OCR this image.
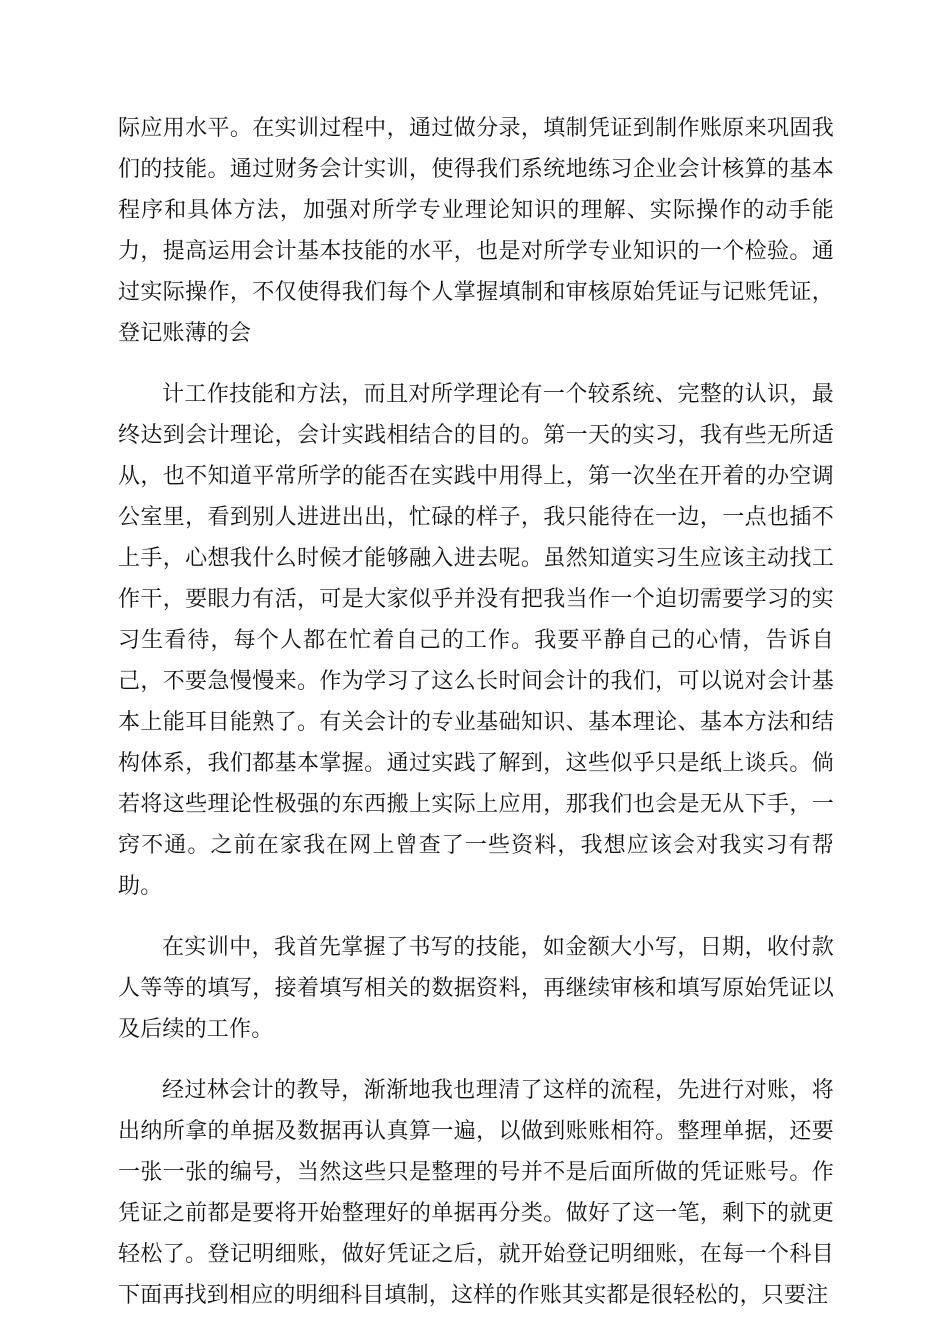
际应用水平。在实训过程中，通过做分录，填制凭证到制作账原来巩固我们的技能。通过财务会计实训，使得我们系统地练习企业会计核算的基本程序和具体方法，加强对所学专业理论知识的理解、实际操作的动手能力，提高运用会计基本技能的水平，也是对所学专业知识的一个检验。通过实际操作，不仅使得我们每个人掌握填制和审核原始凭证与记账凭证，登记账薄的会

计工作技能和方法，而且对所学理论有一个较系统、完整的认识，最终达到会计理论，会计实践相结合的目的。第一天的实习，我有些无所适从，也不知道平常所学的能否在实践中用得上，第一次坐在开着的办空调公室里，看到别人进进出出，忙碌的样子，我只能待在一边，一点也插不上手，心想我什么时候才能够融入进去呢。虽然知道实习生应该主动找工作干，要眼力有活，可是大家似乎并没有把我当作一个迫切需要学习的实习生看待，每个人都在忙着自己的工作。我要平静自己的心情，告诉自己，不要急慢慢来。作为学习了这么长时间会计的我们，可以说对会计基本上能耳目能熟了。有关会计的专业基础知识、基本理论、基本方法和结构体系，我们都基本掌握。通过实践了解到，这些似乎只是纸上谈兵。倘若将这些理论性极强的东西搬上实际上应用，那我们也会是无从下手，一窍不通。之前在家我在网上曾查了一些资料，我想应该会对我实习有帮助。

在实训中，我首先掌握了书写的技能，如金额大小写，日期，收付款人等等的填写，接着填写相关的数据资料，再继续审核和填写原始凭证以及后续的工作。

经过林会计的教导，渐渐地我也理清了这样的流程，先进行对账，将出纳所拿的单据及数据再认真算一遍，以做到账账相符。整理单据，还要一张一张的编号，当然这些只是整理的号并不是后面所做的凭证账号。作凭证之前都是要将开始整理好的单据再分类。做好了这一笔，剩下的就更轻松了。登记明细账，做好凭证之后，就开始登记明细账，在每一个科目下面再找到相应的明细科目填制，这样的作账其实都是很轻松的，只要注
